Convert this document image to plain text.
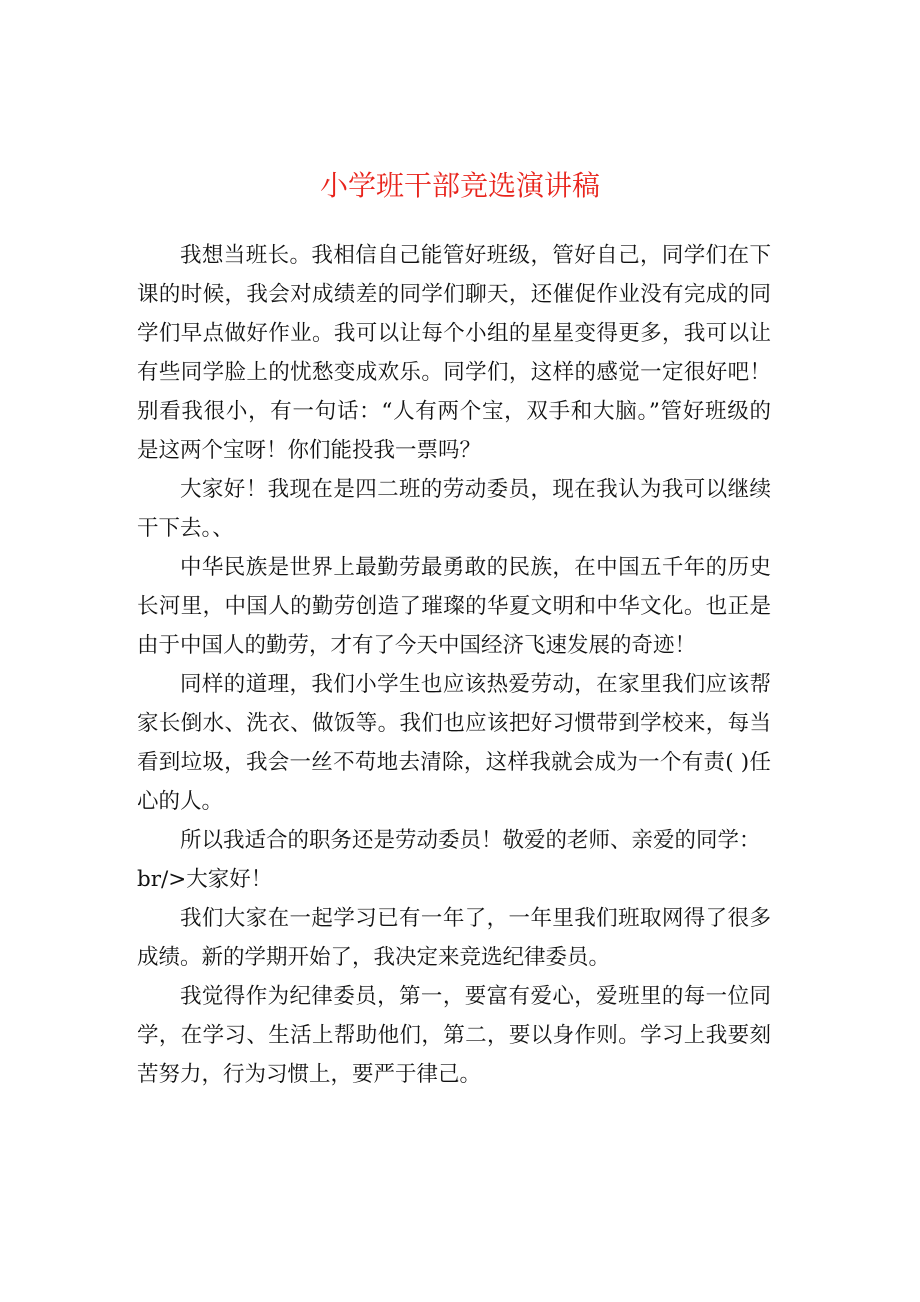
小学班干部竞选演讲稿

我想当班长。我相信自己能管好班级，管好自己，同学们在下课的时候，我会对成绩差的同学们聊天，还催促作业没有完成的同学们早点做好作业。我可以让每个小组的星星变得更多，我可以让有些同学脸上的忧愁变成欢乐。同学们，这样的感觉一定很好吧！别看我很小，有一句话：“人有两个宝，双手和大脑。”管好班级的是这两个宝呀！你们能投我一票吗？

大家好！我现在是四二班的劳动委员，现在我认为我可以继续干下去。、

中华民族是世界上最勤劳最勇敢的民族，在中国五千年的历史长河里，中国人的勤劳创造了璀璨的华夏文明和中华文化。也正是由于中国人的勤劳，才有了今天中国经济飞速发展的奇迹！

同样的道理，我们小学生也应该热爱劳动，在家里我们应该帮家长倒水、洗衣、做饭等。我们也应该把好习惯带到学校来，每当看到垃圾，我会一丝不苟地去清除，这样我就会成为一个有责( )任心的人。

所以我适合的职务还是劳动委员！敬爱的老师、亲爱的同学：

br/>大家好！

我们大家在一起学习已有一年了，一年里我们班取网得了很多成绩。新的学期开始了，我决定来竞选纪律委员。

我觉得作为纪律委员，第一，要富有爱心，爱班里的每一位同学，在学习、生活上帮助他们，第二，要以身作则。学习上我要刻苦努力，行为习惯上，要严于律己。
